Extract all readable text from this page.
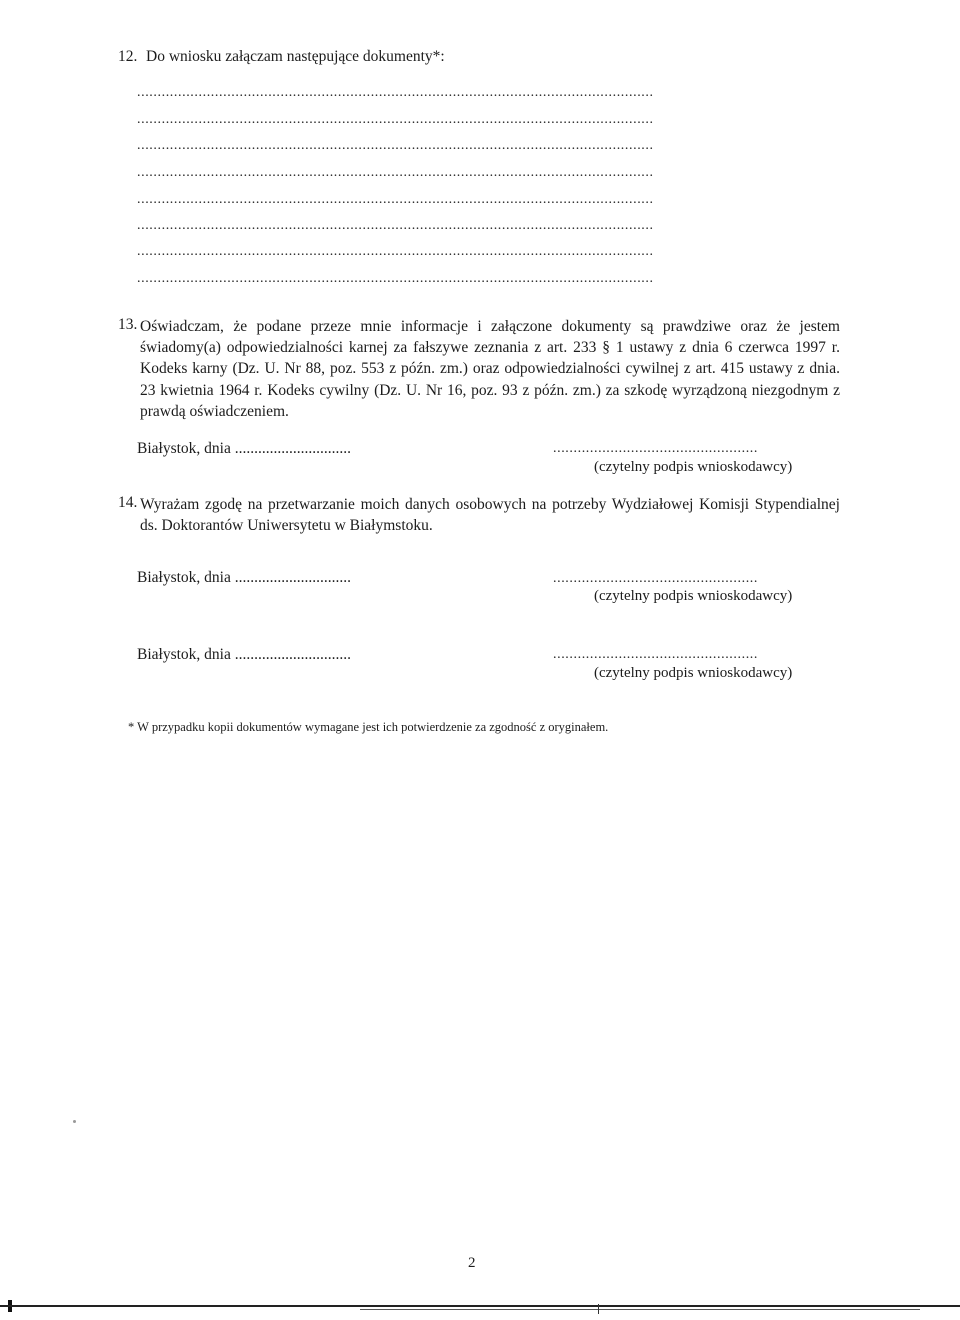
12. Do wniosku załączam następujące dokumenty*:
..............................................................................................................................
..............................................................................................................................
..............................................................................................................................
..............................................................................................................................
..............................................................................................................................
..............................................................................................................................
..............................................................................................................................
..............................................................................................................................
13. Oświadczam, że podane przeze mnie informacje i załączone dokumenty są prawdziwe oraz że jestem
świadomy(a) odpowiedzialności karnej za fałszywe zeznania z art. 233 § 1 ustawy z dnia 6 czerwca 1997 r.
Kodeks karny (Dz. U. Nr 88, poz. 553 z późn. zm.) oraz odpowiedzialności cywilnej z art. 415 ustawy z dnia.
23 kwietnia 1964 r. Kodeks cywilny (Dz. U. Nr 16, poz. 93 z późn. zm.) za szkodę wyrządzoną niezgodnym z
prawdą oświadczeniem.
Białystok, dnia ..............................	..................................................
(czytelny podpis wnioskodawcy)
14. Wyrażam zgodę na przetwarzanie moich danych osobowych na potrzeby Wydziałowej Komisji Stypendialnej
ds. Doktorantów Uniwersytetu w Białymstoku.
Białystok, dnia ..............................	..................................................
(czytelny podpis wnioskodawcy)
Białystok, dnia ..............................	..................................................
(czytelny podpis wnioskodawcy)
* W przypadku kopii dokumentów wymagane jest ich potwierdzenie za zgodność z oryginałem.
2
